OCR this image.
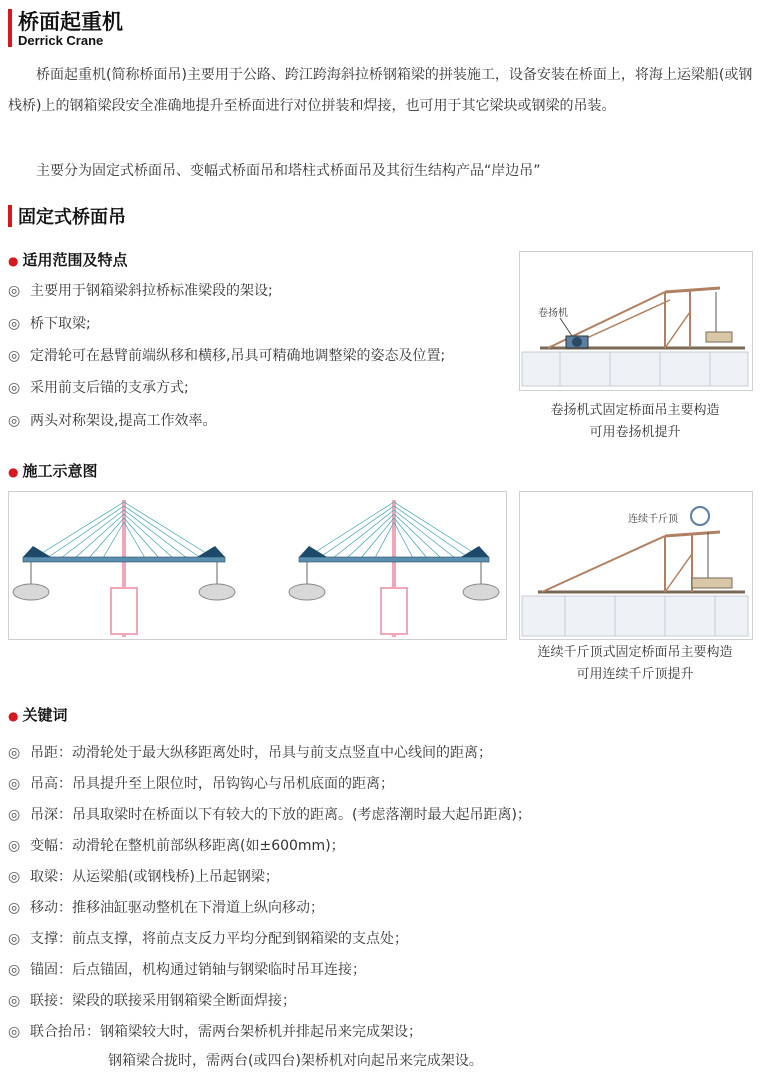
桥面起重机
Derrick Crane
桥面起重机(简称桥面吊)主要用于公路、跨江跨海斜拉桥钢箱梁的拼装施工，设备安装在桥面上，将海上运梁船(或钢栈桥)上的钢箱梁段安全准确地提升至桥面进行对位拼装和焊接，也可用于其它梁块或钢梁的吊装。
主要分为固定式桥面吊、变幅式桥面吊和塔柱式桥面吊及其衍生结构产品“岸边吊”
固定式桥面吊
● 适用范围及特点
◎ 主要用于钢箱梁斜拉桥标准梁段的架设;
◎ 桥下取梁;
◎ 定滑轮可在悬臂前端纵移和横移,吊具可精确地调整梁的姿态及位置;
◎ 采用前支后锚的支承方式;
◎ 两头对称架设,提高工作效率。
卷扬机
卷扬机式固定桥面吊主要构造
可用卷扬机提升
● 施工示意图
连续千斤顶
连续千斤顶式固定桥面吊主要构造
可用连续千斤顶提升
● 关键词
◎ 吊距：动滑轮处于最大纵移距离处时，吊具与前支点竖直中心线间的距离；
◎ 吊高：吊具提升至上限位时，吊钩钩心与吊机底面的距离；
◎ 吊深：吊具取梁时在桥面以下有较大的下放的距离。(考虑落潮时最大起吊距离)；
◎ 变幅：动滑轮在整机前部纵移距离(如±600mm)；
◎ 取梁：从运梁船(或钢栈桥)上吊起钢梁；
◎ 移动：推移油缸驱动整机在下滑道上纵向移动；
◎ 支撑：前点支撑，将前点支反力平均分配到钢箱梁的支点处；
◎ 锚固：后点锚固，机构通过销轴与钢梁临时吊耳连接；
◎ 联接：梁段的联接采用钢箱梁全断面焊接；
◎ 联合抬吊：钢箱梁较大时，需两台架桥机并排起吊来完成架设；
钢箱梁合拢时，需两台(或四台)架桥机对向起吊来完成架设。
